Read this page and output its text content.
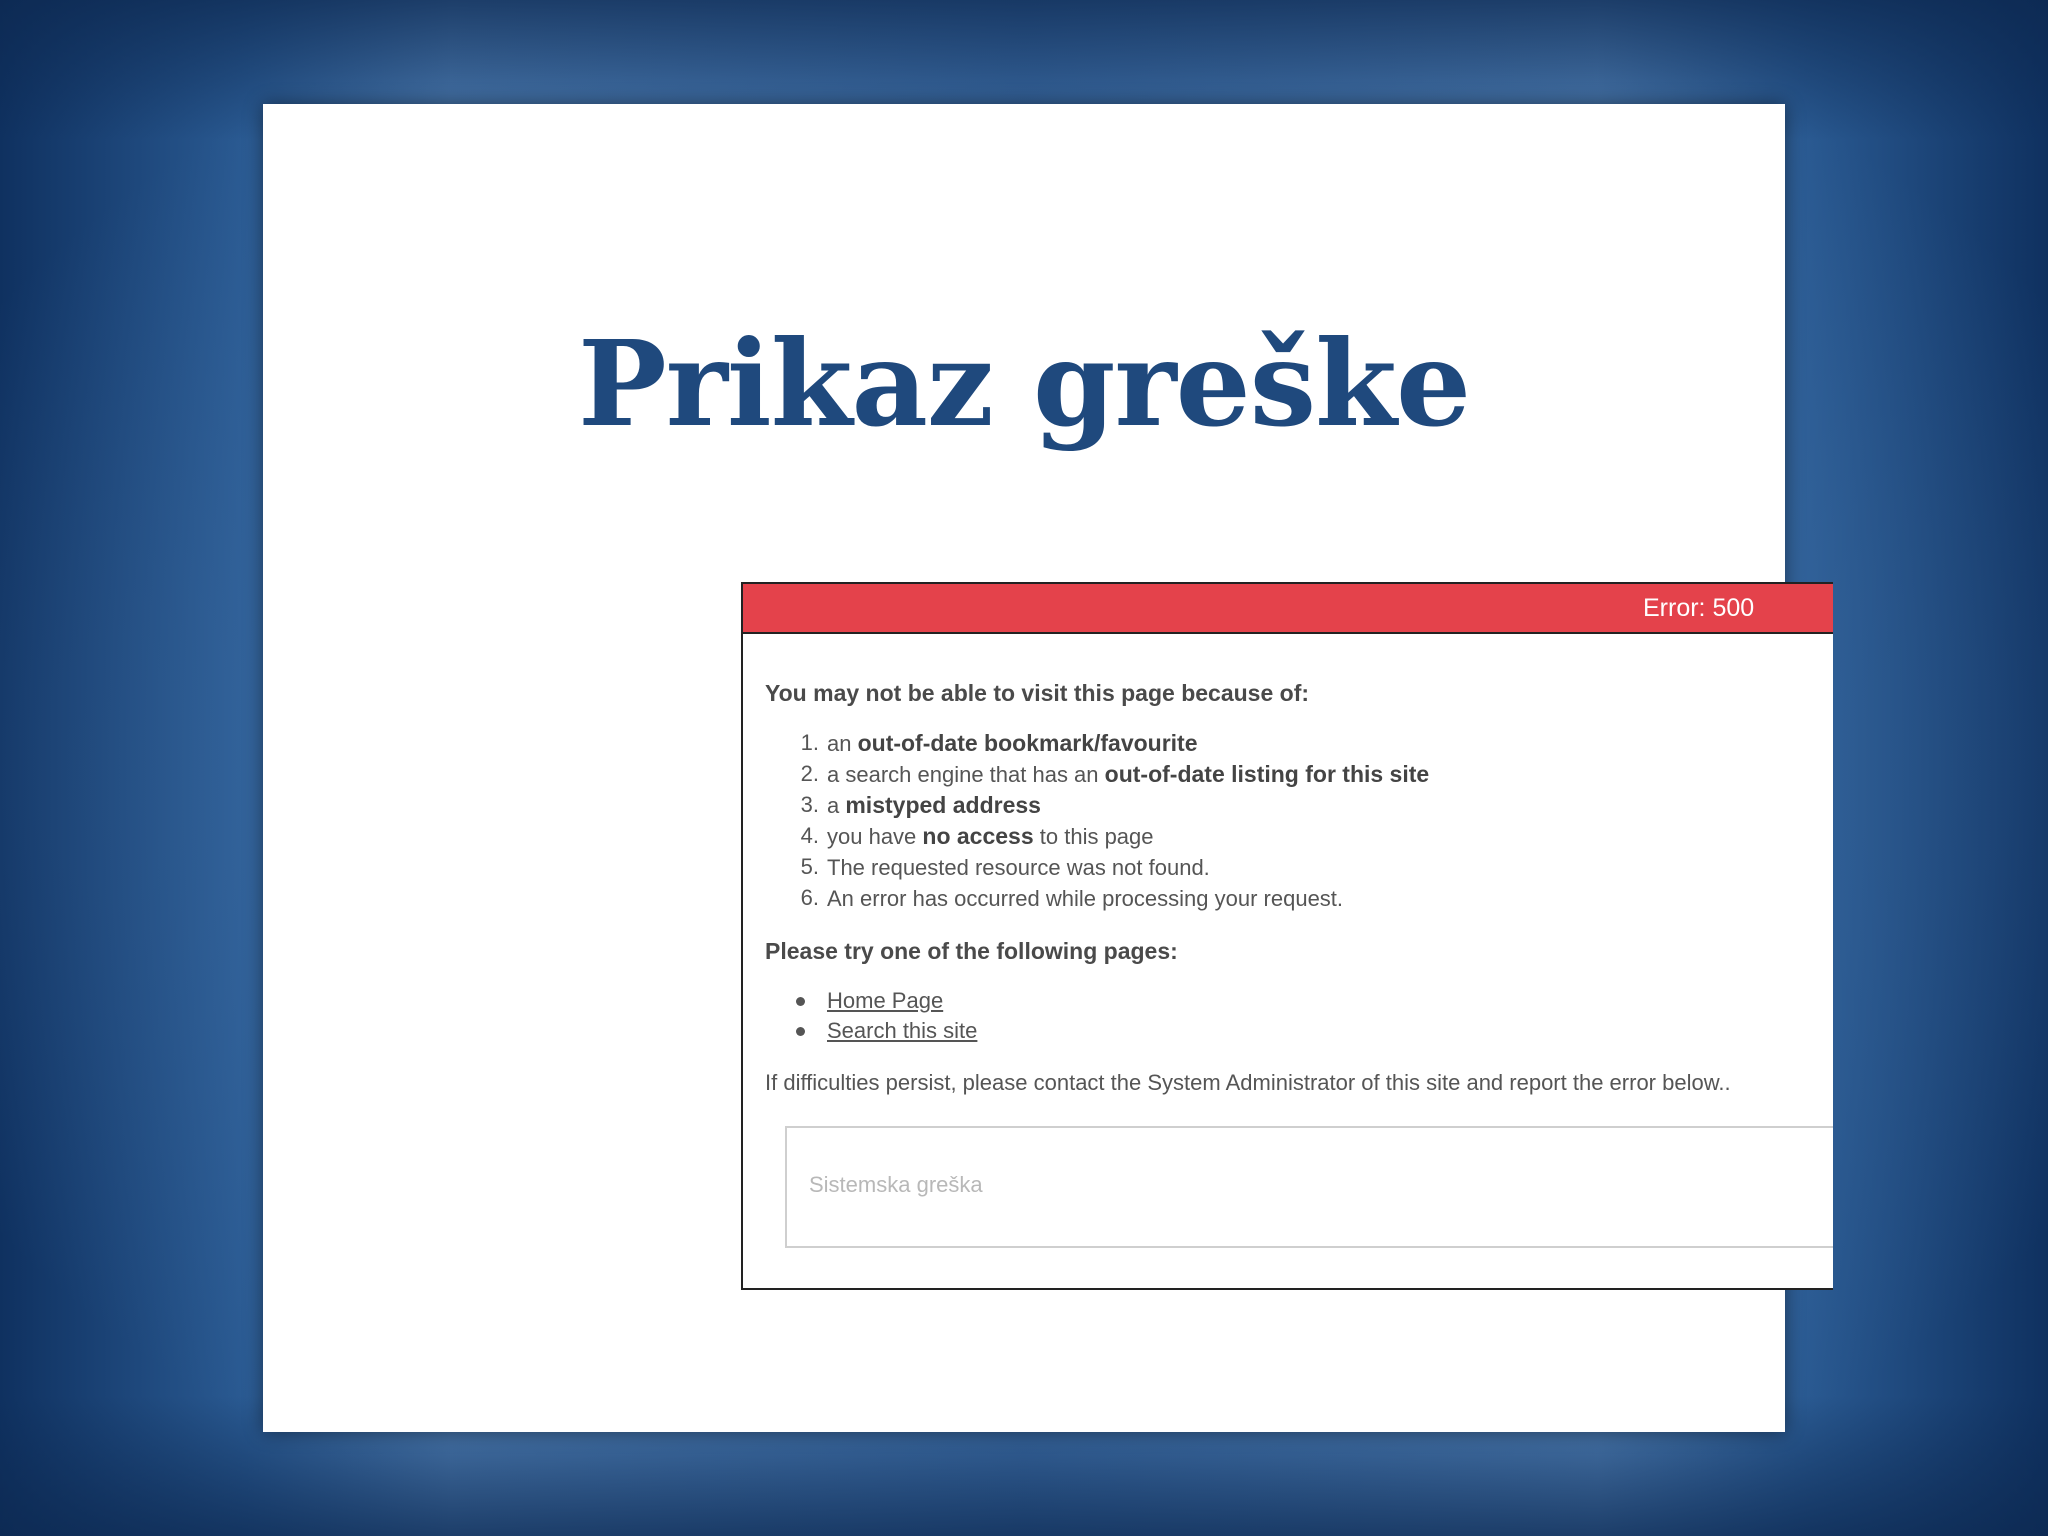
Prikaz greške
Error: 500

You may not be able to visit this page because of:

1. an out-of-date bookmark/favourite
2. a search engine that has an out-of-date listing for this site
3. a mistyped address
4. you have no access to this page
5. The requested resource was not found.
6. An error has occurred while processing your request.

Please try one of the following pages:

Home Page
Search this site

If difficulties persist, please contact the System Administrator of this site and report the error below..

Sistemska greška
